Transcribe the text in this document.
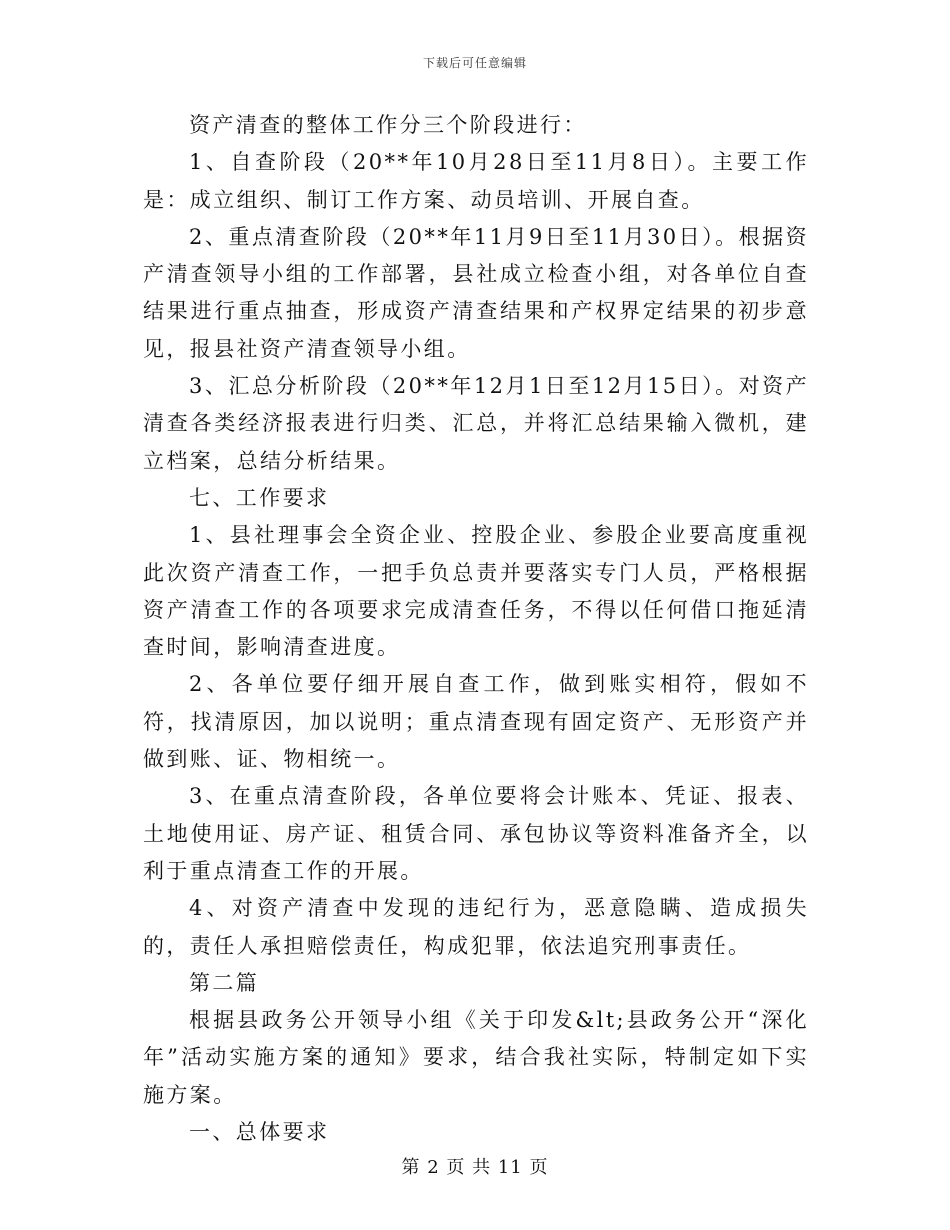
下载后可任意编辑

资产清查的整体工作分三个阶段进行：

1、自查阶段（20**年10月28日至11月8日）。主要工作是：成立组织、制订工作方案、动员培训、开展自查。

2、重点清查阶段（20**年11月9日至11月30日）。根据资产清查领导小组的工作部署，县社成立检查小组，对各单位自查结果进行重点抽查，形成资产清查结果和产权界定结果的初步意见，报县社资产清查领导小组。

3、汇总分析阶段（20**年12月1日至12月15日）。对资产清查各类经济报表进行归类、汇总，并将汇总结果输入微机，建立档案，总结分析结果。

七、工作要求

1、县社理事会全资企业、控股企业、参股企业要高度重视此次资产清查工作，一把手负总责并要落实专门人员，严格根据资产清查工作的各项要求完成清查任务，不得以任何借口拖延清查时间，影响清查进度。

2、各单位要仔细开展自查工作，做到账实相符，假如不符，找清原因，加以说明；重点清查现有固定资产、无形资产并做到账、证、物相统一。

3、在重点清查阶段，各单位要将会计账本、凭证、报表、土地使用证、房产证、租赁合同、承包协议等资料准备齐全，以利于重点清查工作的开展。

4、对资产清查中发现的违纪行为，恶意隐瞒、造成损失的，责任人承担赔偿责任，构成犯罪，依法追究刑事责任。

第二篇

根据县政务公开领导小组《关于印发&lt;县政务公开“深化年”活动实施方案的通知》要求，结合我社实际，特制定如下实施方案。

一、总体要求

第 2 页 共 11 页
